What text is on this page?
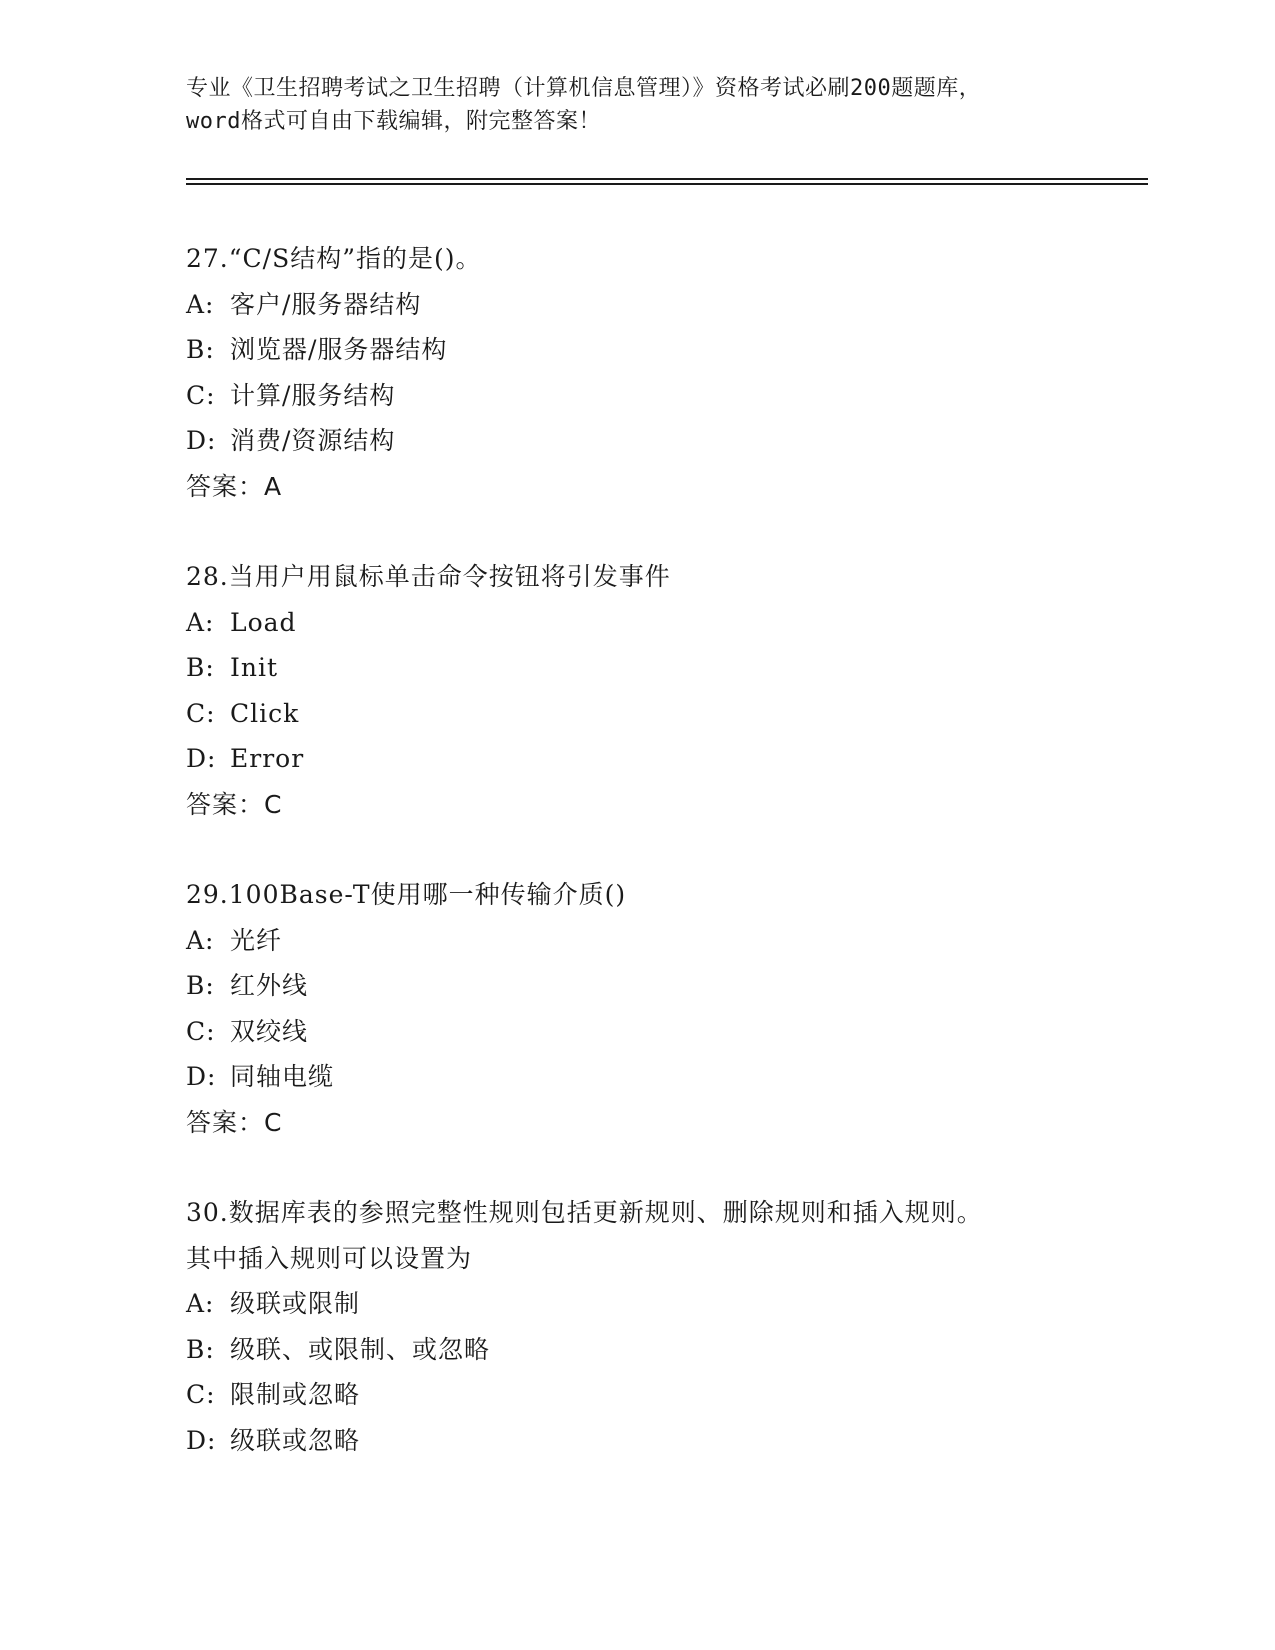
专业《卫生招聘考试之卫生招聘（计算机信息管理）》资格考试必刷200题题库，
word格式可自由下载编辑，附完整答案！
27.“C/S结构”指的是()。
A: 客户/服务器结构
B: 浏览器/服务器结构
C: 计算/服务结构
D: 消费/资源结构
答案：A
28.当用户用鼠标单击命令按钮将引发事件
A: Load
B: Init
C: Click
D: Error
答案：C
29.100Base-T使用哪一种传输介质()
A: 光纤
B: 红外线
C: 双绞线
D: 同轴电缆
答案：C
30.数据库表的参照完整性规则包括更新规则、删除规则和插入规则。
其中插入规则可以设置为
A: 级联或限制
B: 级联、或限制、或忽略
C: 限制或忽略
D: 级联或忽略
